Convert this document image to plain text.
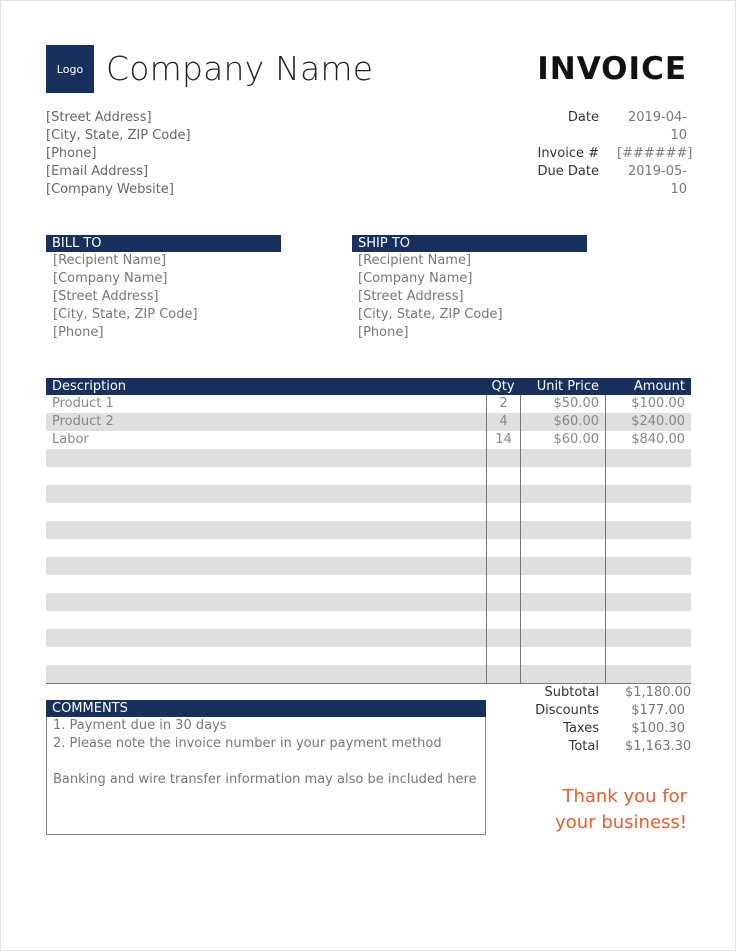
Logo Company Name	INVOICE
[Street Address]
[City, State, ZIP Code]
[Phone]
[Email Address]
[Company Website]
Date	2019-04-10
Invoice # [######]
Due Date	2019-05-10
BILL TO
[Recipient Name]
[Company Name]
[Street Address]
[City, State, ZIP Code]
[Phone]
SHIP TO
[Recipient Name]
[Company Name]
[Street Address]
[City, State, ZIP Code]
[Phone]
Description	Qty	Unit Price	Amount
Product 1	2	$50.00	$100.00
Product 2	4	$60.00	$240.00
Labor	14	$60.00	$840.00
Subtotal $1,180.00
Discounts	$177.00
Taxes	$100.30
Total $1,163.30
COMMENTS
1. Payment due in 30 days
2. Please note the invoice number in your payment method
Banking and wire transfer information may also be included here
Thank you for
your business!
